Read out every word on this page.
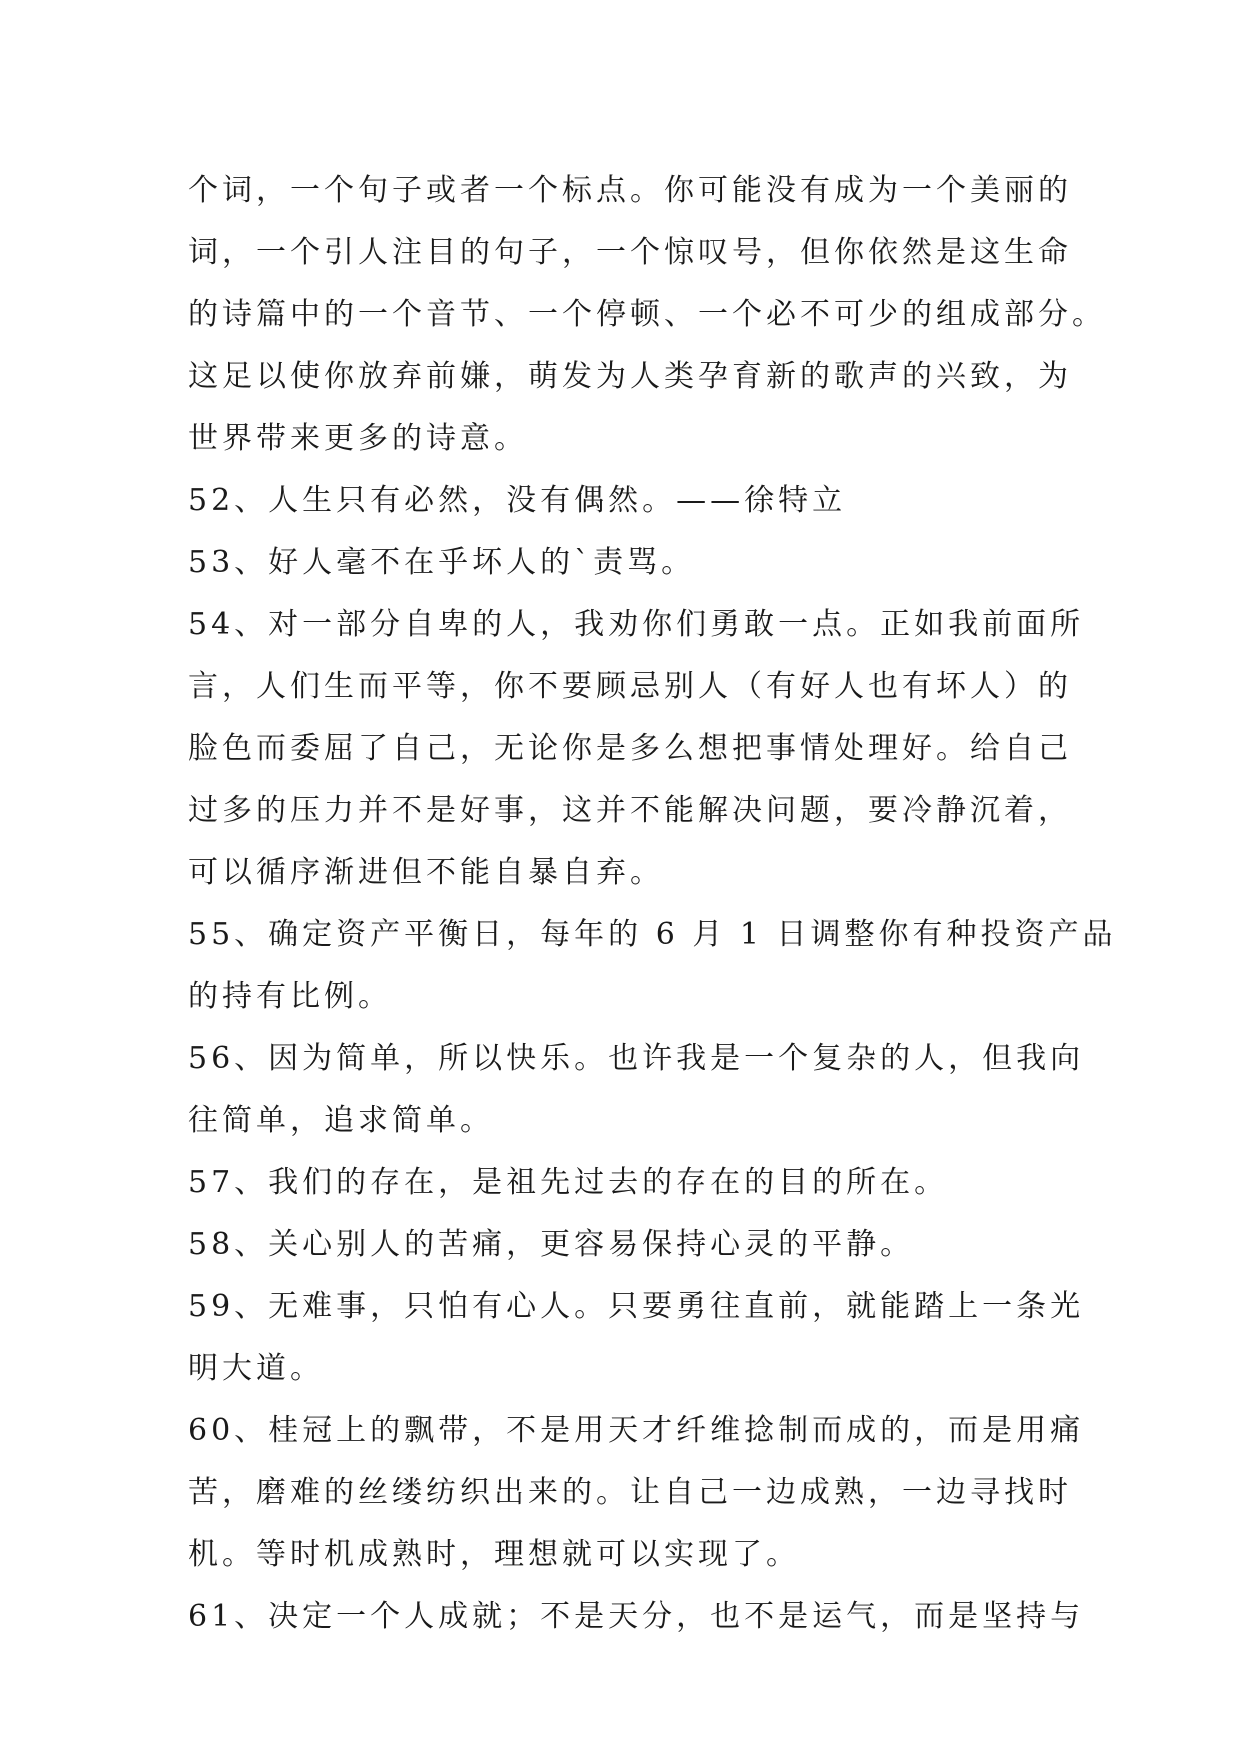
个词，一个句子或者一个标点。你可能没有成为一个美丽的
词，一个引人注目的句子，一个惊叹号，但你依然是这生命
的诗篇中的一个音节、一个停顿、一个必不可少的组成部分。
这足以使你放弃前嫌，萌发为人类孕育新的歌声的兴致，为
世界带来更多的诗意。
52、人生只有必然，没有偶然。——徐特立
53、好人毫不在乎坏人的`责骂。
54、对一部分自卑的人，我劝你们勇敢一点。正如我前面所
言，人们生而平等，你不要顾忌别人（有好人也有坏人）的
脸色而委屈了自己，无论你是多么想把事情处理好。给自己
过多的压力并不是好事，这并不能解决问题，要冷静沉着，
可以循序渐进但不能自暴自弃。
55、确定资产平衡日，每年的 6 月 1 日调整你有种投资产品
的持有比例。
56、因为简单，所以快乐。也许我是一个复杂的人，但我向
往简单，追求简单。
57、我们的存在，是祖先过去的存在的目的所在。
58、关心别人的苦痛，更容易保持心灵的平静。
59、无难事，只怕有心人。只要勇往直前，就能踏上一条光
明大道。
60、桂冠上的飘带，不是用天才纤维捻制而成的，而是用痛
苦，磨难的丝缕纺织出来的。让自己一边成熟，一边寻找时
机。等时机成熟时，理想就可以实现了。
61、决定一个人成就；不是天分，也不是运气，而是坚持与
